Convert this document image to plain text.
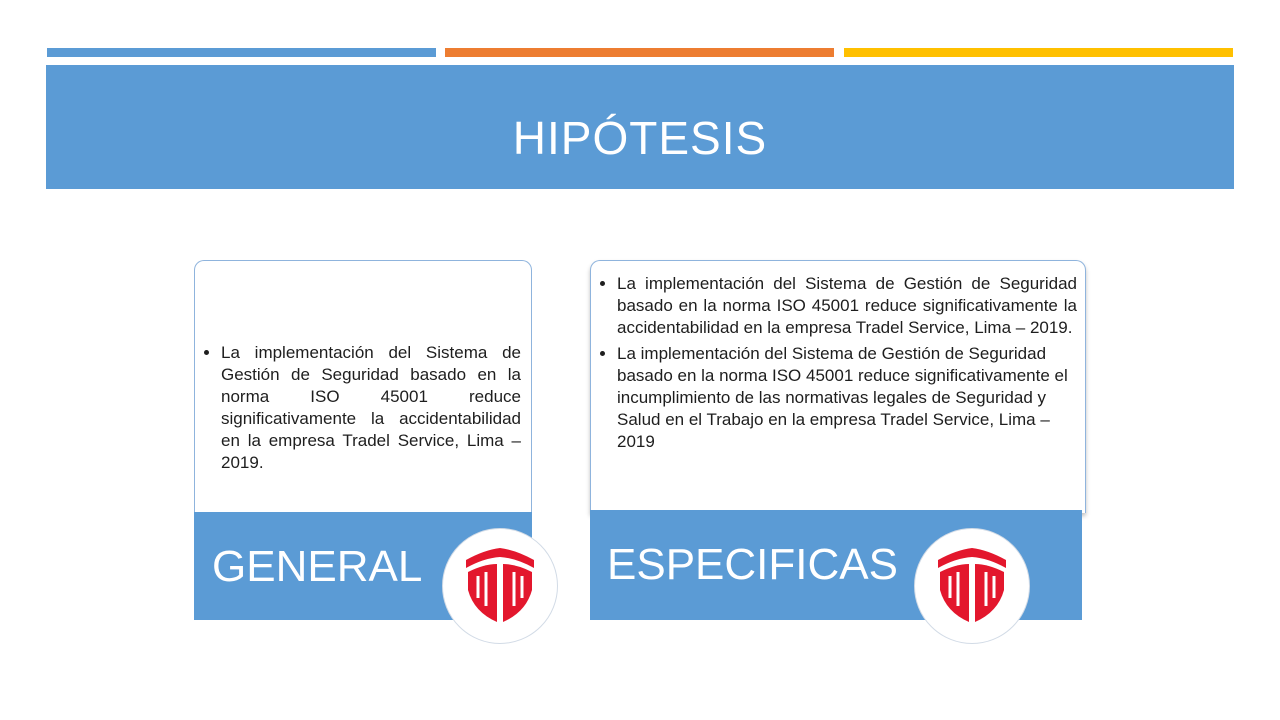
HIPÓTESIS
• La implementación del Sistema de Gestión de Seguridad basado en la norma ISO 45001 reduce significativamente la accidentabilidad en la empresa Tradel Service, Lima – 2019.
GENERAL
• La implementación del Sistema de Gestión de Seguridad basado en la norma ISO 45001 reduce significativamente la accidentabilidad en la empresa Tradel Service, Lima – 2019.
• La implementación del Sistema de Gestión de Seguridad basado en la norma ISO 45001 reduce significativamente el incumplimiento de las normativas legales de Seguridad y Salud en el Trabajo en la empresa Tradel Service, Lima – 2019
ESPECIFICAS
